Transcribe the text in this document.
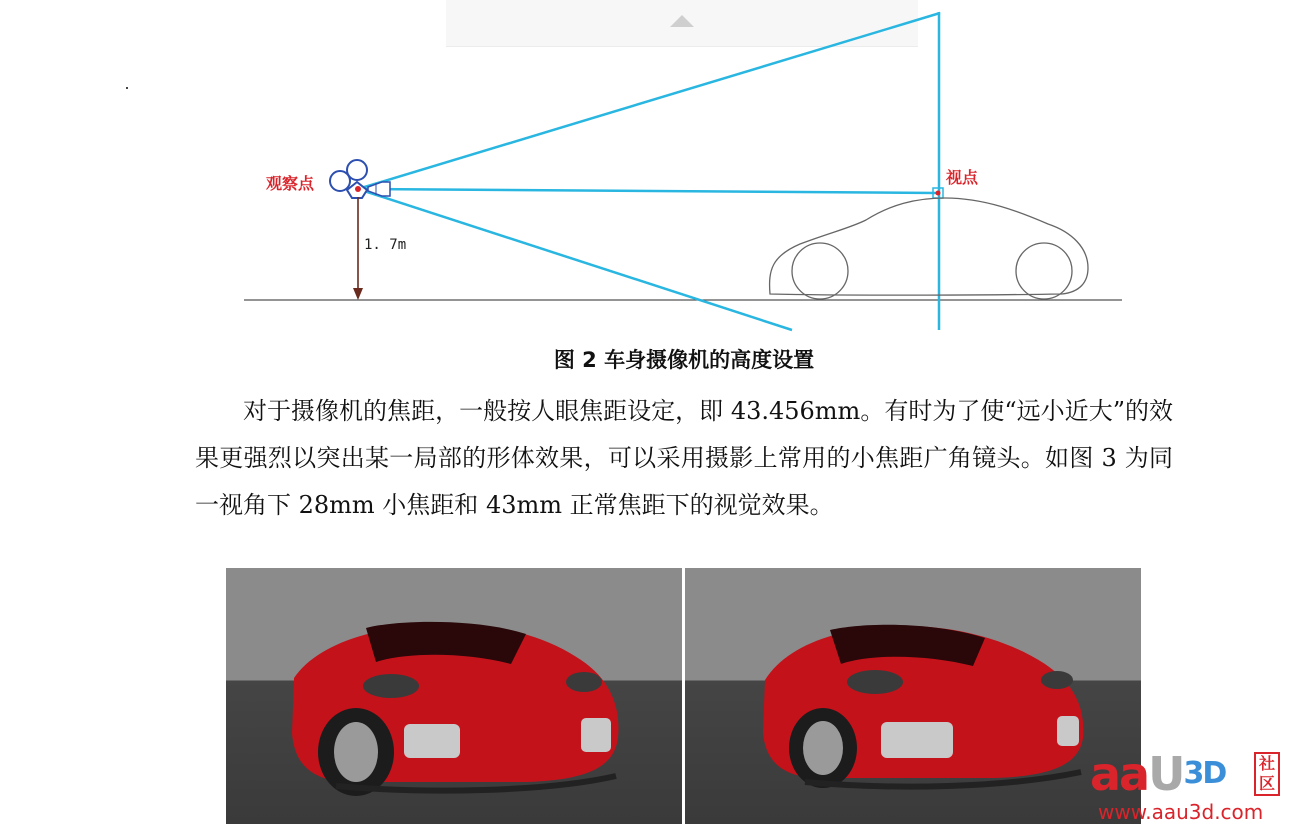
观察点	视点
1. 7m
图 2 车身摄像机的高度设置
对于摄像机的焦距，一般按人眼焦距设定，即 43.456mm。有时为了使“远小近大”的效果更强烈以突出某一局部的形体效果，可以采用摄影上常用的小焦距广角镜头。如图 3 为同一视角下 28mm 小焦距和 43mm 正常焦距下的视觉效果。
aaU$^{3D}$	社区
www.aau3d.com
